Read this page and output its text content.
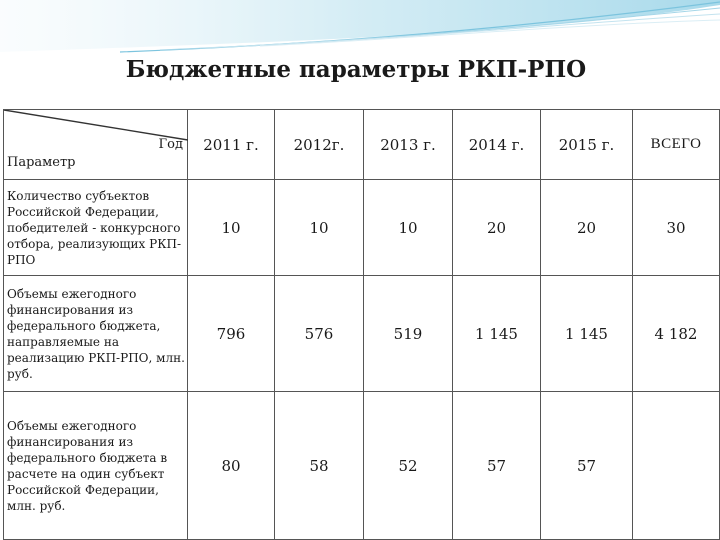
Бюджетные параметры РКП-РПО
Год
Параметр	2011 г.	2012г.	2013 г.	2014 г.	2015 г.	ВСЕГО
Количество субъектов Российской Федерации, победителей - конкурсного отбора, реализующих РКП-РПО	10	10	10	20	20	30
Объемы ежегодного финансирования из федерального бюджета, направляемые на реализацию РКП-РПО, млн. руб.	796	576	519	1 145	1 145	4 182
Объемы ежегодного финансирования из федерального бюджета в расчете на один субъект Российской Федерации, млн. руб.	80	58	52	57	57	
